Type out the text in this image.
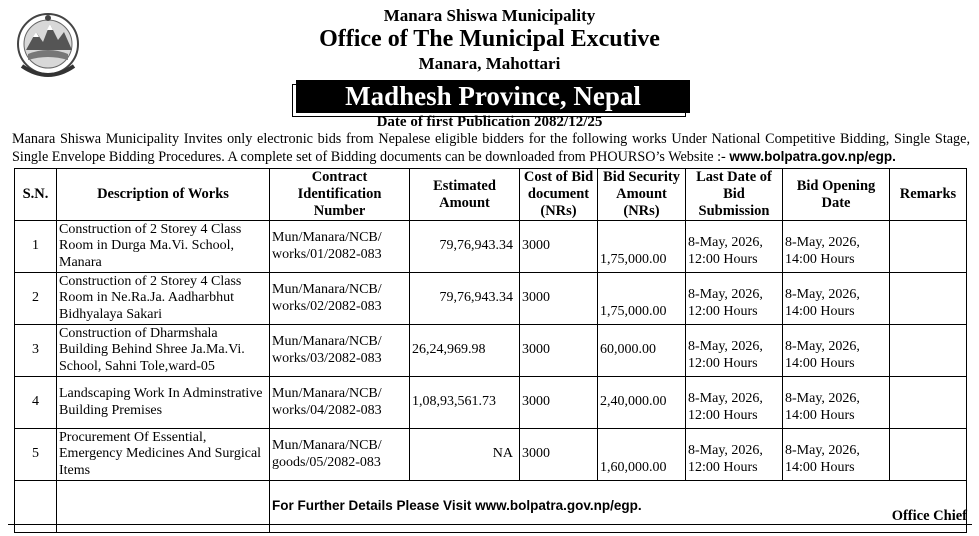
Manara Shiswa Municipality
Office of The Municipal Excutive
Manara, Mahottari
Madhesh Province, Nepal
Date of first Publication 2082/12/25
Manara Shiswa Municipality Invites only electronic bids from Nepalese eligible bidders for the following works Under National Competitive Bidding, Single Stage, Single Envelope Bidding Procedures. A complete set of Bidding documents can be downloaded from PHOURSO’s Website :- www.bolpatra.gov.np/egp.
S.N.	Description of Works	Contract Identification Number	Estimated Amount	Cost of Bid document (NRs)	Bid Security Amount (NRs)	Last Date of Bid Submission	Bid Opening Date	Remarks
1	Construction of 2 Storey 4 Class Room in Durga Ma.Vi. School, Manara	Mun/Manara/NCB/ works/01/2082-083	79,76,943.34	3000	1,75,000.00	8-May, 2026, 12:00 Hours	8-May, 2026, 14:00 Hours	
2	Construction of 2 Storey 4 Class Room in Ne.Ra.Ja. Aadharbhut Bidhyalaya Sakari	Mun/Manara/NCB/ works/02/2082-083	79,76,943.34	3000	1,75,000.00	8-May, 2026, 12:00 Hours	8-May, 2026, 14:00 Hours	
3	Construction of Dharmshala Building Behind Shree Ja.Ma.Vi. School, Sahni Tole,ward-05	Mun/Manara/NCB/ works/03/2082-083	26,24,969.98	3000	60,000.00	8-May, 2026, 12:00 Hours	8-May, 2026, 14:00 Hours	
4	Landscaping Work In Adminstrative Building Premises	Mun/Manara/NCB/ works/04/2082-083	1,08,93,561.73	3000	2,40,000.00	8-May, 2026, 12:00 Hours	8-May, 2026, 14:00 Hours	
5	Procurement Of Essential, Emergency Medicines And Surgical Items	Mun/Manara/NCB/ goods/05/2082-083	NA	3000	1,60,000.00	8-May, 2026, 12:00 Hours	8-May, 2026, 14:00 Hours	
		For Further Details Please Visit www.bolpatra.gov.np/egp.						
Office Chief
